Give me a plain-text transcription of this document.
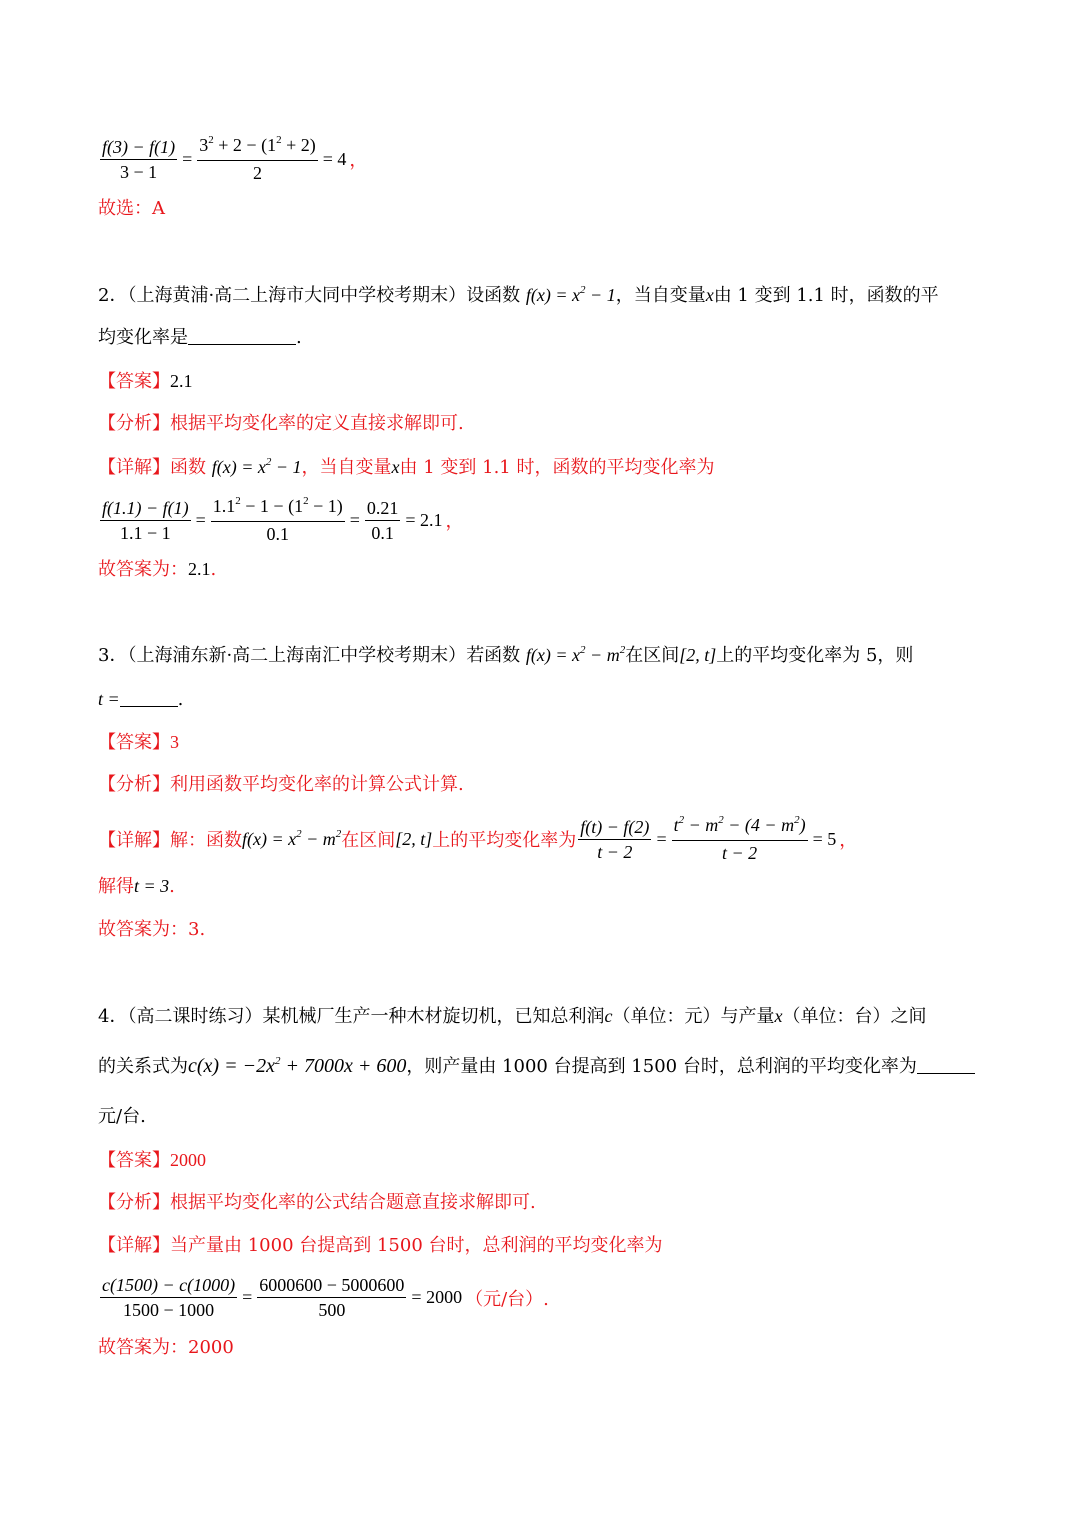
$\frac{f(3) - f(1)}{3 - 1} = \frac{3^2 + 2 - (1^2 + 2)}{2} = 4$ ，
故选：A
2．（上海黄浦·高二上海市大同中学校考期末）设函数 $f(x) = x^2 - 1$，当自变量x由 1 变到 1.1 时，函数的平
均变化率是	.
【答案】2.1
【分析】根据平均变化率的定义直接求解即可.
【详解】函数 $f(x) = x^2 - 1$，当自变量x由 1 变到 1.1 时，函数的平均变化率为
$\frac{f(1.1) - f(1)}{1.1 - 1} = \frac{1.1^2 - 1 - (1^2 - 1)}{0.1} = \frac{0.21}{0.1} = 2.1$ ，
故答案为：2.1.
3．（上海浦东新·高二上海南汇中学校考期末）若函数 $f(x) = x^2 - m^2$在区间[2, t]上的平均变化率为 5，则
t =	.
【答案】3
【分析】利用函数平均变化率的计算公式计算.
【详解】 解：函数 $f(x) = x^2 - m^2$ 在区间 [2, t] 上的平均变化率为 $\frac{f(t) - f(2)}{t - 2} = \frac{t^2 - m^2 - (4 - m^2)}{t - 2} = 5$ ，
解得t = 3.
故答案为：3.
4．（高二课时练习）某机械厂生产一种木材旋切机，已知总利润c（单位：元）与产量x（单位：台）之间
的关系式为$c(x) = -2x^2 + 7000x + 600$，则产量由 1000 台提高到 1500 台时，总利润的平均变化率为
元/台.
【答案】2000
【分析】根据平均变化率的公式结合题意直接求解即可.
【详解】当产量由 1000 台提高到 1500 台时，总利润的平均变化率为
$\frac{c(1500) - c(1000)}{1500 - 1000} = \frac{6000600 - 5000600}{500} = 2000$ （元/台）.
故答案为：2000
